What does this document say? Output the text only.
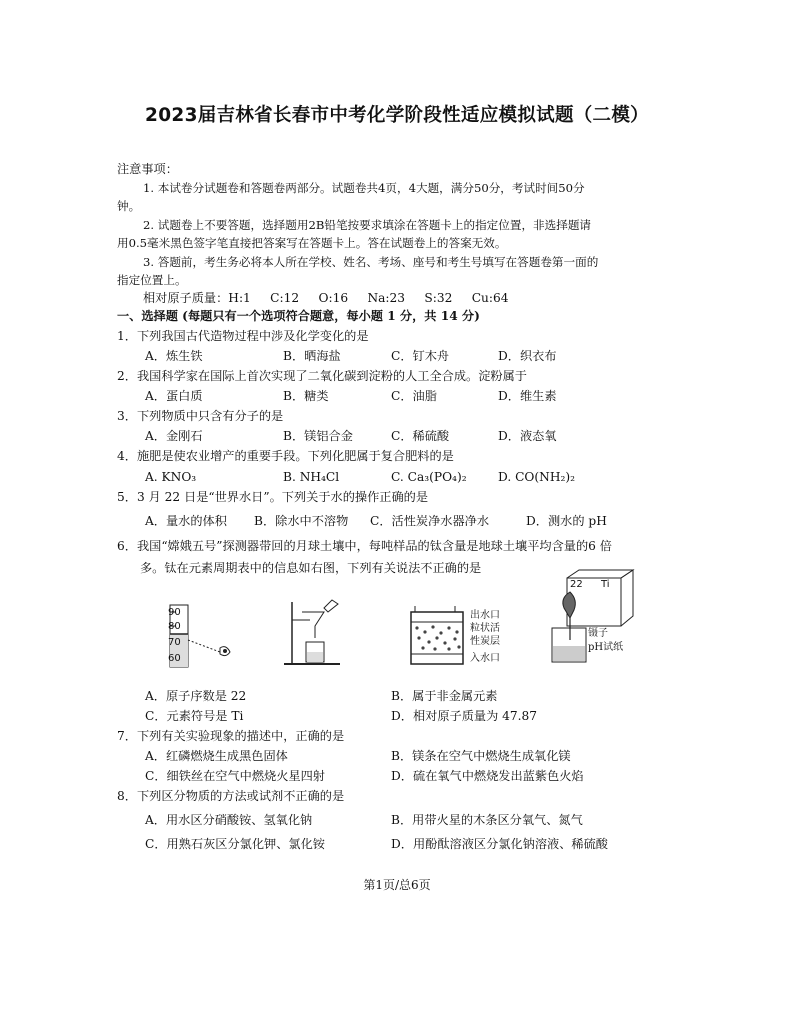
2023届吉林省长春市中考化学阶段性适应模拟试题（二模）
注意事项：
1. 本试卷分试题卷和答题卷两部分。试题卷共4页，4大题，满分50分，考试时间50分
钟。
2. 试题卷上不要答题，选择题用2B铅笔按要求填涂在答题卡上的指定位置，非选择题请
用0.5毫米黑色签字笔直接把答案写在答题卡上。答在试题卷上的答案无效。
3. 答题前，考生务必将本人所在学校、姓名、考场、座号和考生号填写在答题卷第一面的
指定位置上。
相对原子质量：H:1     C:12     O:16     Na:23     S:32     Cu:64
一、选择题 (每题只有一个选项符合题意，每小题 1 分，共 14 分)
1．下列我国古代造物过程中涉及化学变化的是
A．炼生铁	B．晒海盐	C．钉木舟	D．织衣布
2．我国科学家在国际上首次实现了二氧化碳到淀粉的人工全合成。淀粉属于
A．蛋白质	B．糖类	C．油脂	D．维生素
3．下列物质中只含有分子的是
A．金刚石	B．镁铝合金	C．稀硫酸	D．液态氧
4．施肥是使农业增产的重要手段。下列化肥属于复合肥料的是
A. KNO₃	B. NH₄Cl	C. Ca₃(PO₄)₂	D. CO(NH₂)₂
5．3 月 22 日是“世界水日”。下列关于水的操作正确的是
A．量水的体积 B．除水中不溶物 C．活性炭净水器净水	D．测水的 pH
6．我国“嫦娥五号”探测器带回的月球土壤中，每吨样品的钛含量是地球土壤平均含量的6 倍
多。钛在元素周期表中的信息如右图，下列有关说法不正确的是
90
80
70
60
出水口
粒状活
性炭层
入水口
22 Ti
镊子
pH试纸
A．原子序数是 22	B．属于非金属元素
C．元素符号是 Ti	D．相对原子质量为 47.87
7．下列有关实验现象的描述中，正确的是
A．红磷燃烧生成黑色固体	B．镁条在空气中燃烧生成氧化镁
C．细铁丝在空气中燃烧火星四射	D．硫在氧气中燃烧发出蓝紫色火焰
8．下列区分物质的方法或试剂不正确的是
A．用水区分硝酸铵、氢氧化钠	B．用带火星的木条区分氧气、氮气
C．用熟石灰区分氯化钾、氯化铵	D．用酚酞溶液区分氯化钠溶液、稀硫酸
第1页/总6页
